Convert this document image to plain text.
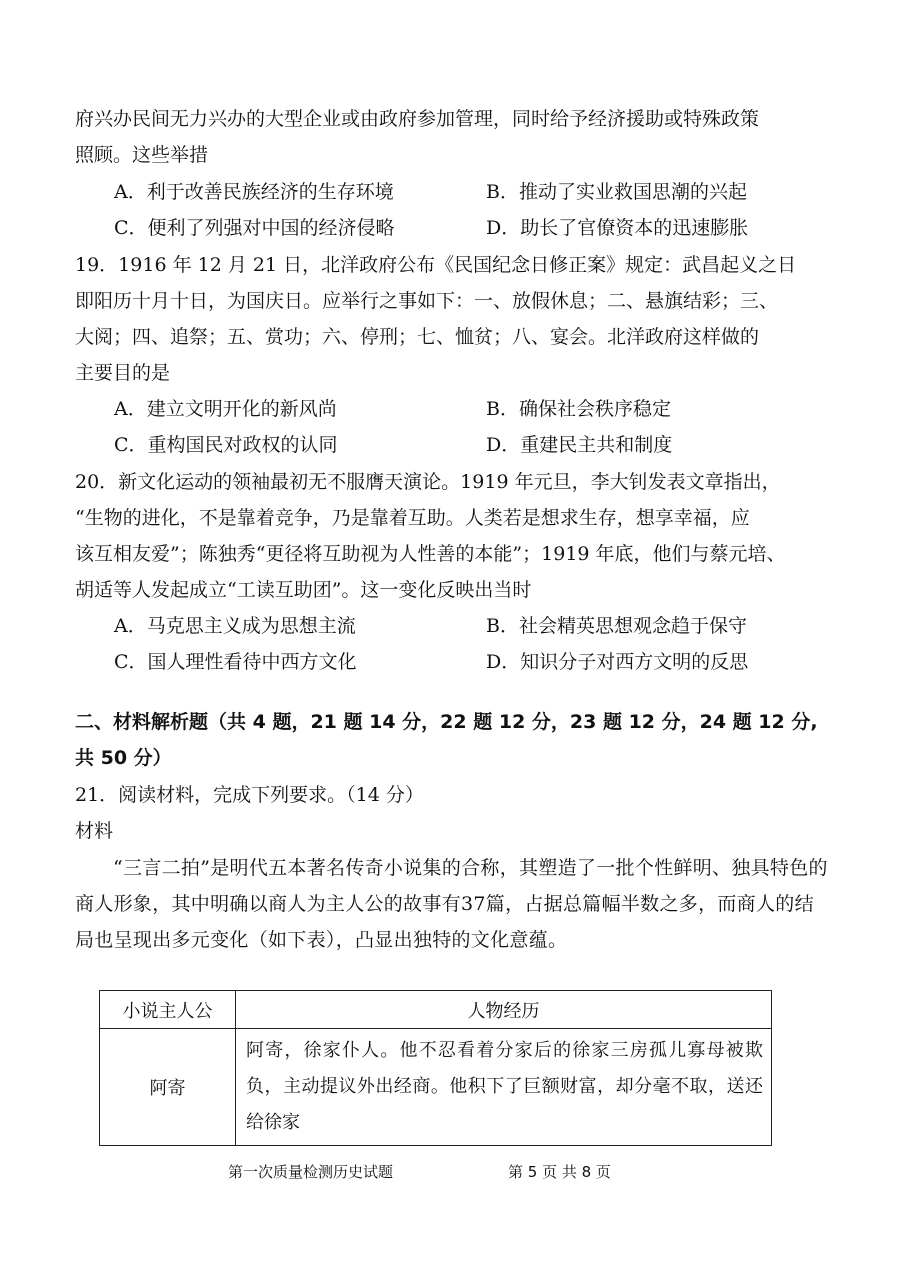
府兴办民间无力兴办的大型企业或由政府参加管理，同时给予经济援助或特殊政策
照顾。这些举措
A．利于改善民族经济的生存环境	B．推动了实业救国思潮的兴起
C．便利了列强对中国的经济侵略	D．助长了官僚资本的迅速膨胀
19．1916 年 12 月 21 日，北洋政府公布《民国纪念日修正案》规定：武昌起义之日
即阳历十月十日，为国庆日。应举行之事如下：一、放假休息；二、悬旗结彩；三、
大阅；四、追祭；五、赏功；六、停刑；七、恤贫；八、宴会。北洋政府这样做的
主要目的是
A．建立文明开化的新风尚	B．确保社会秩序稳定
C．重构国民对政权的认同	D．重建民主共和制度
20．新文化运动的领袖最初无不服膺天演论。1919 年元旦，李大钊发表文章指出，
“生物的进化，不是靠着竞争，乃是靠着互助。人类若是想求生存，想享幸福，应
该互相友爱”；陈独秀“更径将互助视为人性善的本能”；1919 年底，他们与蔡元培、
胡适等人发起成立“工读互助团”。这一变化反映出当时
A．马克思主义成为思想主流	B．社会精英思想观念趋于保守
C．国人理性看待中西方文化	D．知识分子对西方文明的反思
二、材料解析题（共 4 题，21 题 14 分，22 题 12 分，23 题 12 分，24 题 12 分,
共 50 分）
21．阅读材料，完成下列要求。（14 分）
材料
“三言二拍”是明代五本著名传奇小说集的合称，其塑造了一批个性鲜明、独具特色的商人形象，其中明确以商人为主人公的故事有37篇，占据总篇幅半数之多，而商人的结局也呈现出多元变化（如下表），凸显出独特的文化意蕴。
小说主人公	人物经历
阿寄	阿寄，徐家仆人。他不忍看着分家后的徐家三房孤儿寡母被欺负，主动提议外出经商。他积下了巨额财富，却分毫不取，送还给徐家
第一次质量检测历史试题	第 5 页 共 8 页
